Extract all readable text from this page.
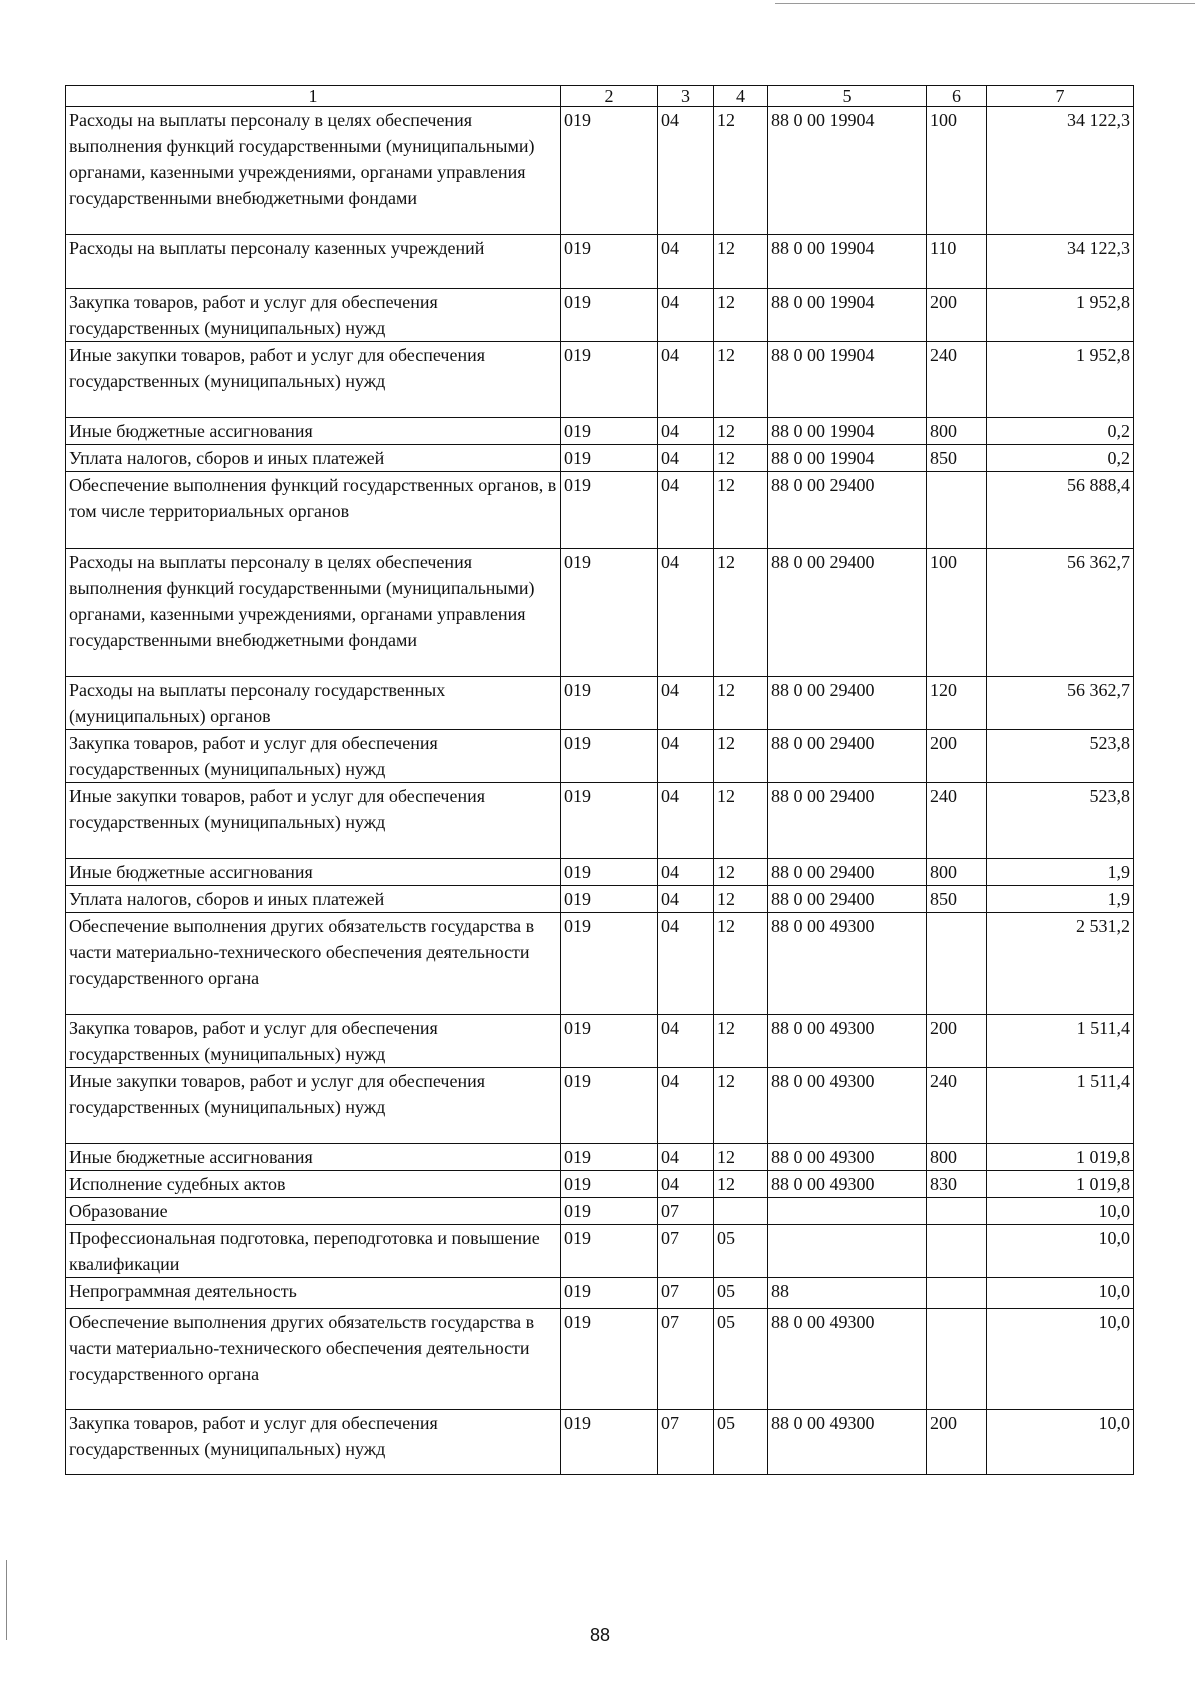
1	2	3	4	5	6	7
Расходы на выплаты персоналу в целях обеспечения выполнения функций государственными (муниципальными) органами, казенными учреждениями, органами управления государственными внебюджетными фондами	019	04	12	88 0 00 19904	100	34 122,3
Расходы на выплаты персоналу казенных учреждений	019	04	12	88 0 00 19904	110	34 122,3
Закупка товаров, работ и услуг для обеспечения государственных (муниципальных) нужд	019	04	12	88 0 00 19904	200	1 952,8
Иные закупки товаров, работ и услуг для обеспечения государственных (муниципальных) нужд	019	04	12	88 0 00 19904	240	1 952,8
Иные бюджетные ассигнования	019	04	12	88 0 00 19904	800	0,2
Уплата налогов, сборов и иных платежей	019	04	12	88 0 00 19904	850	0,2
Обеспечение выполнения функций государственных органов, в том числе территориальных органов	019	04	12	88 0 00 29400		56 888,4
Расходы на выплаты персоналу в целях обеспечения выполнения функций государственными (муниципальными) органами, казенными учреждениями, органами управления государственными внебюджетными фондами	019	04	12	88 0 00 29400	100	56 362,7
Расходы на выплаты персоналу государственных (муниципальных) органов	019	04	12	88 0 00 29400	120	56 362,7
Закупка товаров, работ и услуг для обеспечения государственных (муниципальных) нужд	019	04	12	88 0 00 29400	200	523,8
Иные закупки товаров, работ и услуг для обеспечения государственных (муниципальных) нужд	019	04	12	88 0 00 29400	240	523,8
Иные бюджетные ассигнования	019	04	12	88 0 00 29400	800	1,9
Уплата налогов, сборов и иных платежей	019	04	12	88 0 00 29400	850	1,9
Обеспечение выполнения других обязательств государства в части материально-технического обеспечения деятельности государственного органа	019	04	12	88 0 00 49300		2 531,2
Закупка товаров, работ и услуг для обеспечения государственных (муниципальных) нужд	019	04	12	88 0 00 49300	200	1 511,4
Иные закупки товаров, работ и услуг для обеспечения государственных (муниципальных) нужд	019	04	12	88 0 00 49300	240	1 511,4
Иные бюджетные ассигнования	019	04	12	88 0 00 49300	800	1 019,8
Исполнение судебных актов	019	04	12	88 0 00 49300	830	1 019,8
Образование	019	07				10,0
Профессиональная подготовка, переподготовка и повышение квалификации	019	07	05			10,0
Непрограммная деятельность	019	07	05	88		10,0
Обеспечение выполнения других обязательств государства в части материально-технического обеспечения деятельности государственного органа	019	07	05	88 0 00 49300		10,0
Закупка товаров, работ и услуг для обеспечения государственных (муниципальных) нужд	019	07	05	88 0 00 49300	200	10,0
88
